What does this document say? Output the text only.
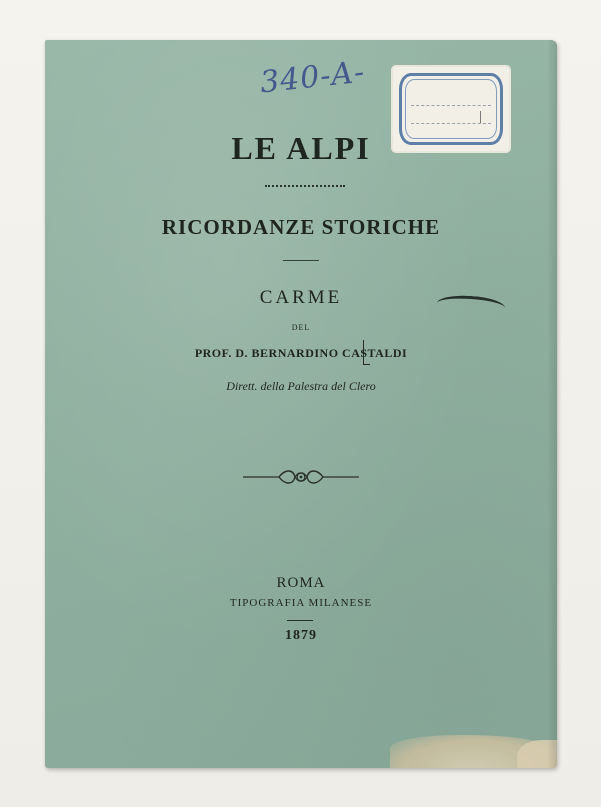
340-A-
LE ALPI
RICORDANZE STORICHE
CARME
DEL
PROF. D. BERNARDINO CASTALDI
Dirett. della Palestra del Clero
ROMA
TIPOGRAFIA MILANESE
1879
